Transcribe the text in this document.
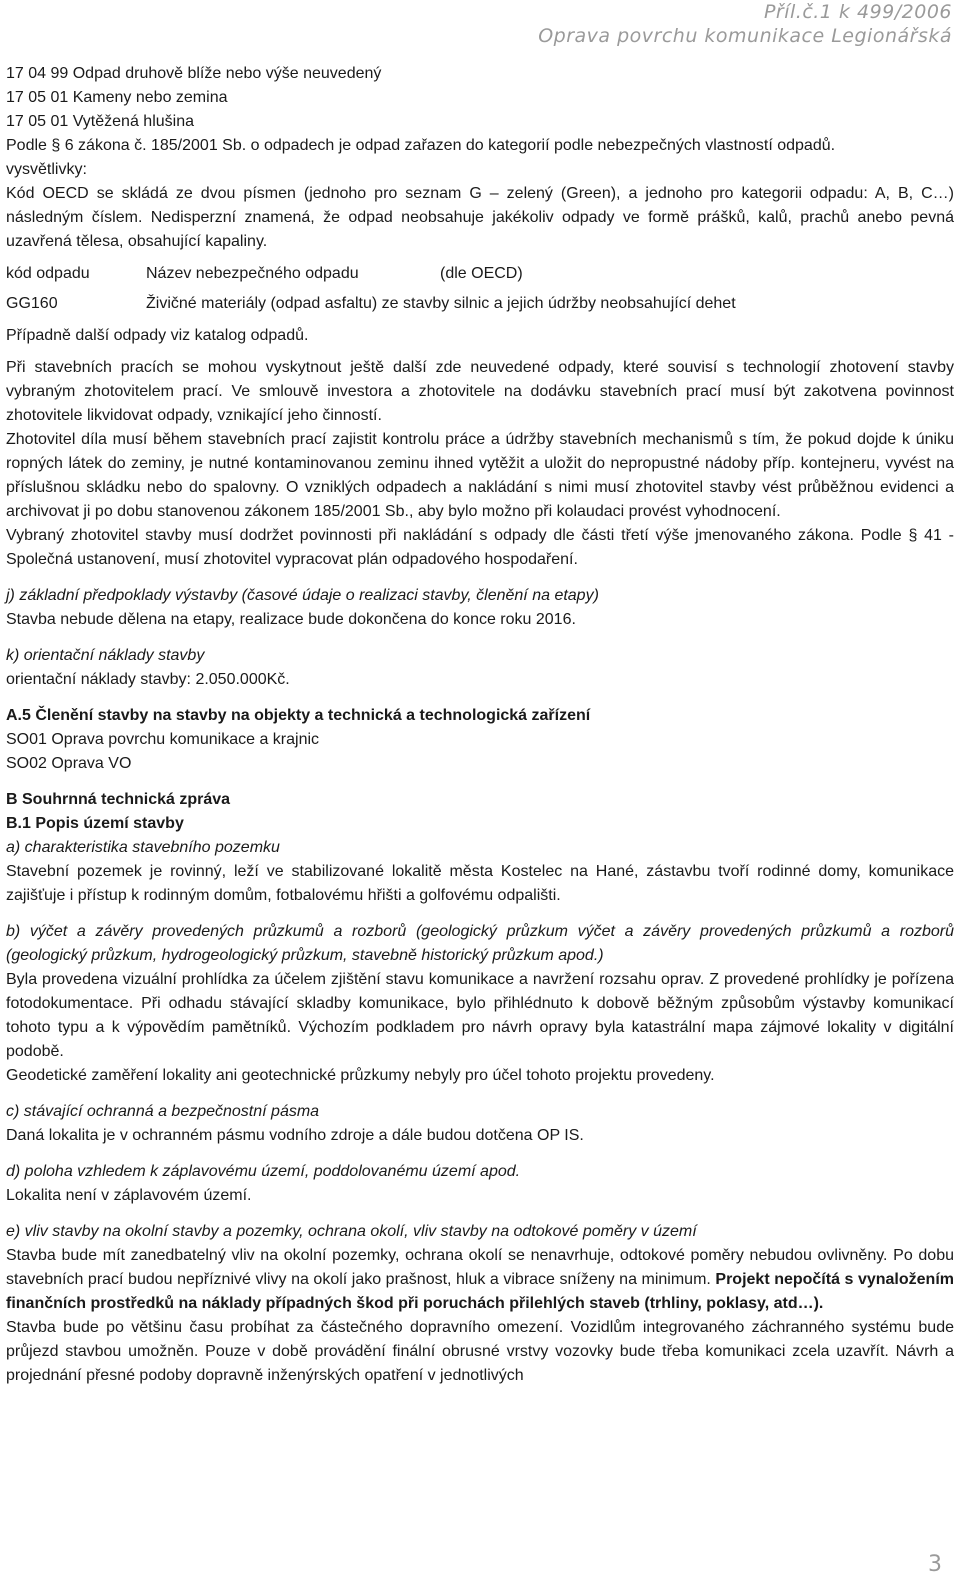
Příl.č.1 k 499/2006
Oprava povrchu komunikace Legionářská

17 04 99 Odpad druhově blíže nebo výše neuvedený

17 05 01 Kameny nebo zemina

17 05 01 Vytěžená hlušina

Podle § 6 zákona č. 185/2001 Sb. o odpadech je odpad zařazen do kategorií podle nebezpečných vlastností odpadů.

vysvětlivky:

Kód OECD se skládá ze dvou písmen (jednoho pro seznam G – zelený (Green), a jednoho pro kategorii odpadu: A, B, C…) následným číslem. Nedisperzní znamená, že odpad neobsahuje jakékoliv odpady ve formě prášků, kalů, prachů anebo pevná uzavřená tělesa, obsahující kapaliny.

kód odpadu	Název nebezpečného odpadu	(dle OECD)
GG160	Živičné materiály (odpad asfaltu) ze stavby silnic a jejich údržby neobsahující dehet

Případně další odpady viz katalog odpadů.

Při stavebních pracích se mohou vyskytnout ještě další zde neuvedené odpady, které souvisí s technologií zhotovení stavby vybraným zhotovitelem prací. Ve smlouvě investora a zhotovitele na dodávku stavebních prací musí být zakotvena povinnost zhotovitele likvidovat odpady, vznikající jeho činností.

Zhotovitel díla musí během stavebních prací zajistit kontrolu práce a údržby stavebních mechanismů s tím, že pokud dojde k úniku ropných látek do zeminy, je nutné kontaminovanou zeminu ihned vytěžit a uložit do nepropustné nádoby příp. kontejneru, vyvést na příslušnou skládku nebo do spalovny. O vzniklých odpadech a nakládání s nimi musí zhotovitel stavby vést průběžnou evidenci a archivovat ji po dobu stanovenou zákonem 185/2001 Sb., aby bylo možno při kolaudaci provést vyhodnocení.

Vybraný zhotovitel stavby musí dodržet povinnosti při nakládání s odpady dle části třetí výše jmenovaného zákona. Podle § 41 - Společná ustanovení, musí zhotovitel vypracovat plán odpadového hospodaření.

j) základní předpoklady výstavby (časové údaje o realizaci stavby, členění na etapy)

Stavba nebude dělena na etapy, realizace bude dokončena do konce roku 2016.

k) orientační náklady stavby

orientační náklady stavby: 2.050.000Kč.

A.5 Členění stavby na stavby na objekty a technická a technologická zařízení

SO01 Oprava povrchu komunikace a krajnic

SO02 Oprava VO

B Souhrnná technická zpráva

B.1 Popis území stavby

a) charakteristika stavebního pozemku

Stavební pozemek je rovinný, leží ve stabilizované lokalitě města Kostelec na Hané, zástavbu tvoří rodinné domy, komunikace zajišťuje i přístup k rodinným domům, fotbalovému hřišti a golfovému odpališti.

b) výčet a závěry provedených průzkumů a rozborů (geologický průzkum výčet a závěry provedených průzkumů a rozborů (geologický průzkum, hydrogeologický průzkum, stavebně historický průzkum apod.)

Byla provedena vizuální prohlídka za účelem zjištění stavu komunikace a navržení rozsahu oprav. Z provedené prohlídky je pořízena fotodokumentace. Při odhadu stávající skladby komunikace, bylo přihlédnuto k dobově běžným způsobům výstavby komunikací tohoto typu a k výpovědím pamětníků. Výchozím podkladem pro návrh opravy byla katastrální mapa zájmové lokality v digitální podobě.

Geodetické zaměření lokality ani geotechnické průzkumy nebyly pro účel tohoto projektu provedeny.

c) stávající ochranná a bezpečnostní pásma

Daná lokalita je v ochranném pásmu vodního zdroje a dále budou dotčena OP IS.

d) poloha vzhledem k záplavovému území, poddolovanému území apod.

Lokalita není v záplavovém území.

e) vliv stavby na okolní stavby a pozemky, ochrana okolí, vliv stavby na odtokové poměry v území

Stavba bude mít zanedbatelný vliv na okolní pozemky, ochrana okolí se nenavrhuje, odtokové poměry nebudou ovlivněny. Po dobu stavebních prací budou nepříznivé vlivy na okolí jako prašnost, hluk a vibrace sníženy na minimum. Projekt nepočítá s vynaložením finančních prostředků na náklady případných škod při poruchách přilehlých staveb (trhliny, poklasy, atd…).

Stavba bude po většinu času probíhat za částečného dopravního omezení. Vozidlům integrovaného záchranného systému bude průjezd stavbou umožněn. Pouze v době provádění finální obrusné vrstvy vozovky bude třeba komunikaci zcela uzavřít. Návrh a projednání přesné podoby dopravně inženýrských opatření v jednotlivých

3
